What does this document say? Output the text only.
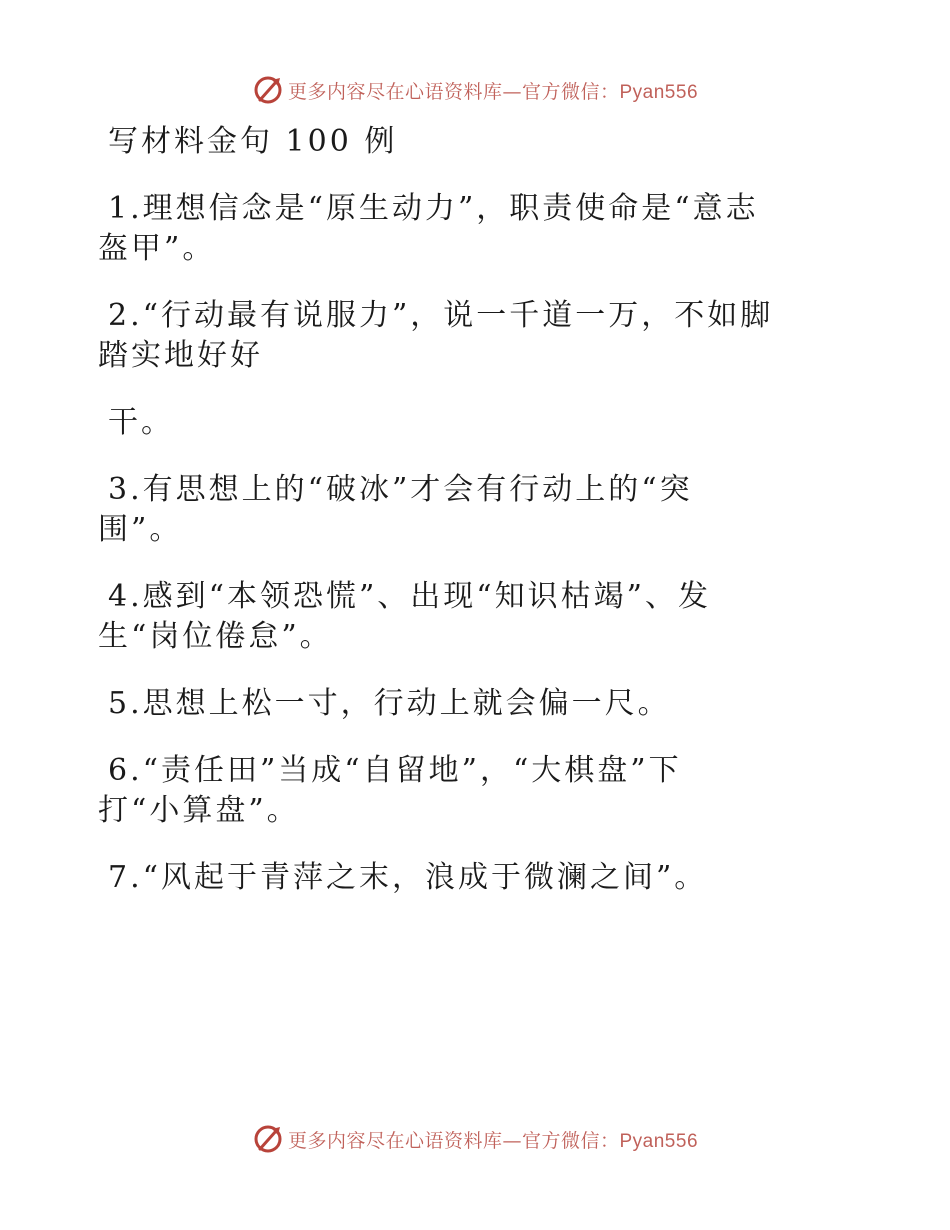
更多内容尽在心语资料库—官方微信：Pyan556
写材料金句 100 例
1.理想信念是“原生动力”，职责使命是“意志
盔甲”。
2.“行动最有说服力”，说一千道一万，不如脚
踏实地好好
干。
3.有思想上的“破冰”才会有行动上的“突
围”。
4.感到“本领恐慌”、出现“知识枯竭”、发
生“岗位倦怠”。
5.思想上松一寸，行动上就会偏一尺。
6.“责任田”当成“自留地”，“大棋盘”下
打“小算盘”。
7.“风起于青萍之末，浪成于微澜之间”。
更多内容尽在心语资料库—官方微信：Pyan556
